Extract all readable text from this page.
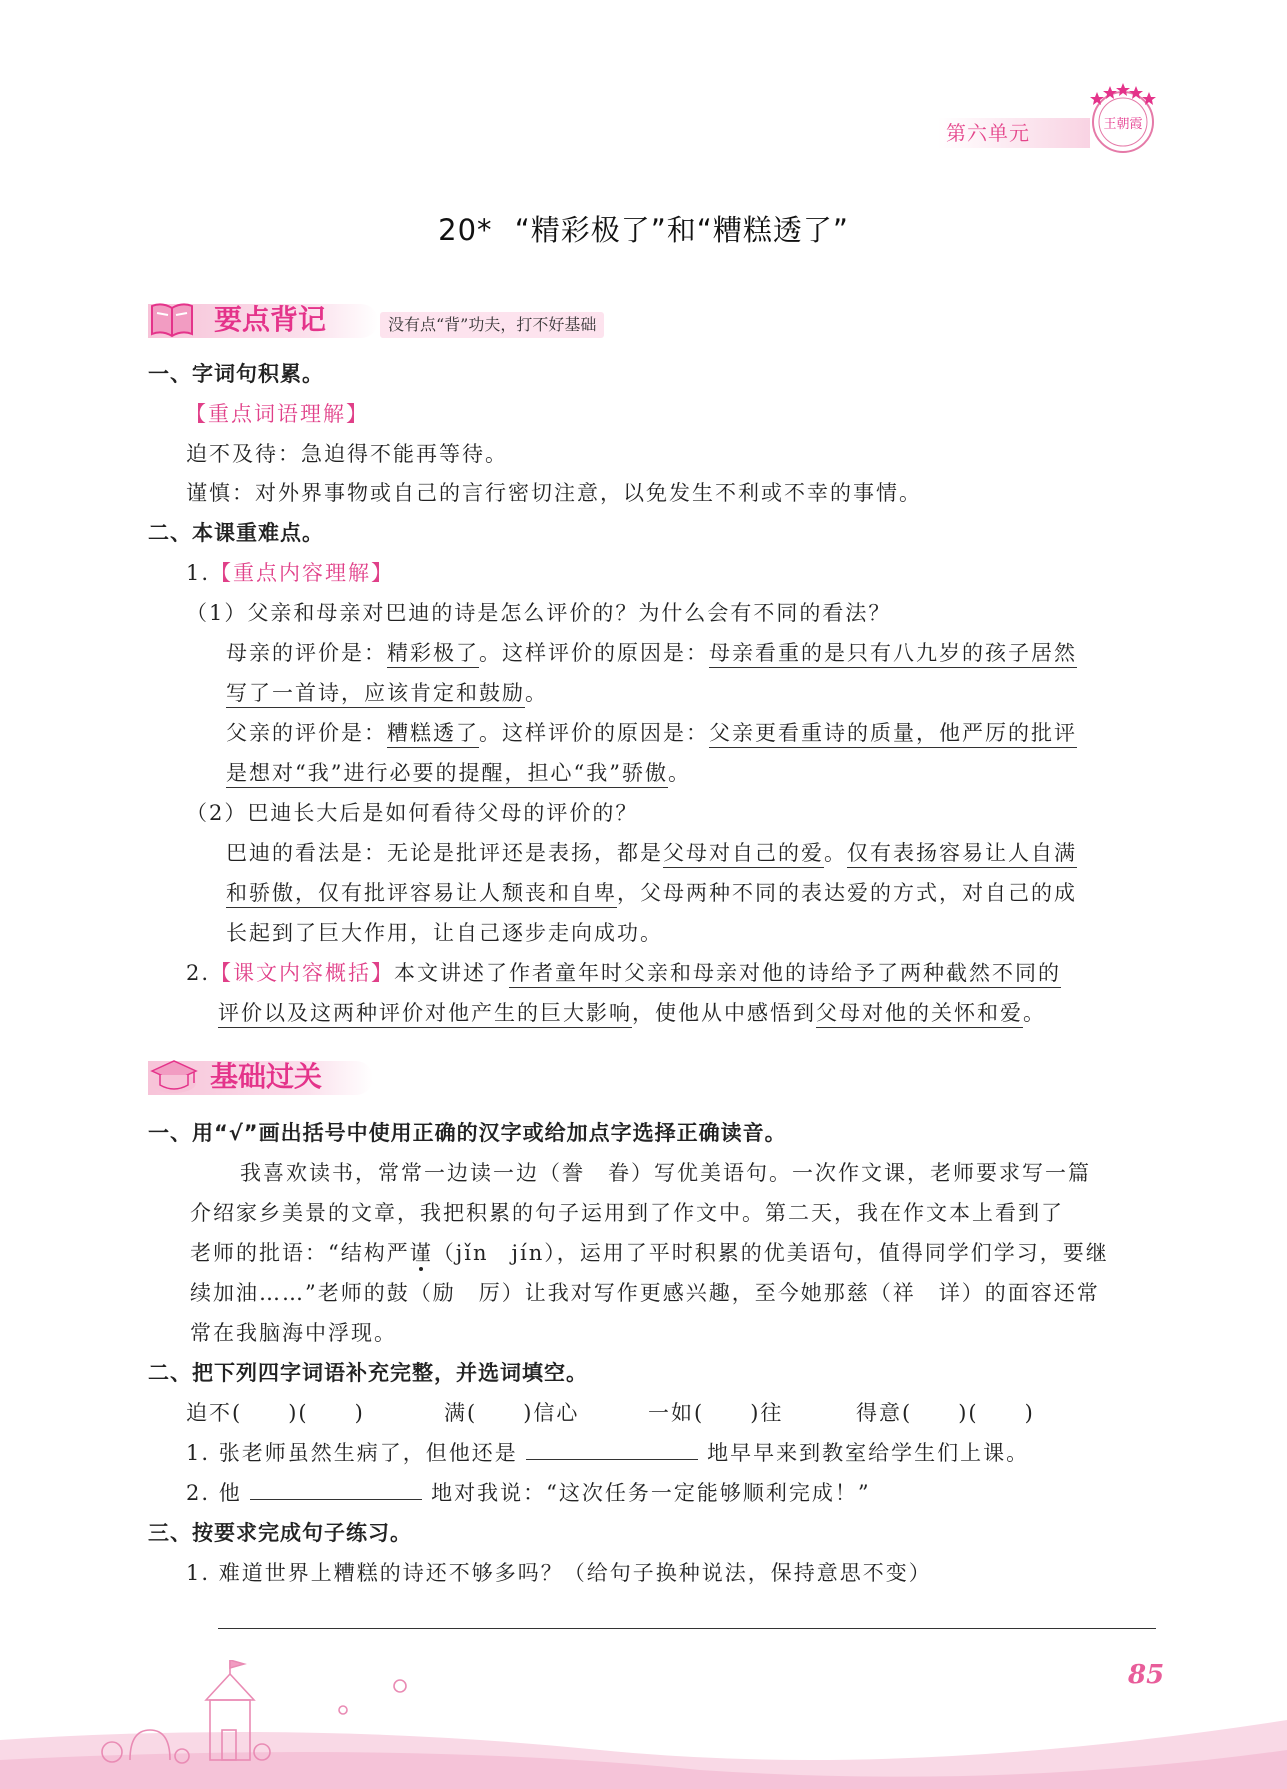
第六单元	王朝霞
20* “精彩极了”和“糟糕透了”
要点背记	没有点“背”功夫，打不好基础
一、字词句积累。
【重点词语理解】
迫不及待：急迫得不能再等待。
谨慎：对外界事物或自己的言行密切注意，以免发生不利或不幸的事情。
二、本课重难点。
1.【重点内容理解】
（1）父亲和母亲对巴迪的诗是怎么评价的？为什么会有不同的看法？
母亲的评价是：精彩极了。这样评价的原因是：母亲看重的是只有八九岁的孩子居然
写了一首诗，应该肯定和鼓励。
父亲的评价是：糟糕透了。这样评价的原因是：父亲更看重诗的质量，他严厉的批评
是想对“我”进行必要的提醒，担心“我”骄傲。
（2）巴迪长大后是如何看待父母的评价的？
巴迪的看法是：无论是批评还是表扬，都是父母对自己的爱。仅有表扬容易让人自满
和骄傲，仅有批评容易让人颓丧和自卑，父母两种不同的表达爱的方式，对自己的成
长起到了巨大作用，让自己逐步走向成功。
2.【课文内容概括】本文讲述了作者童年时父亲和母亲对他的诗给予了两种截然不同的
评价以及这两种评价对他产生的巨大影响，使他从中感悟到父母对他的关怀和爱。
基础过关
一、用“√”画出括号中使用正确的汉字或给加点字选择正确读音。
我喜欢读书，常常一边读一边（誊　眷）写优美语句。一次作文课，老师要求写一篇
介绍家乡美景的文章，我把积累的句子运用到了作文中。第二天，我在作文本上看到了
老师的批语：“结构严谨（jǐn　jín），运用了平时积累的优美语句，值得同学们学习，要继
续加油……”老师的鼓（励　厉）让我对写作更感兴趣，至今她那慈（祥　详）的面容还常
常在我脑海中浮现。
二、把下列四字词语补充完整，并选词填空。
迫不(　　)(　　)	满(　　)信心	一如(　　)往	得意(　　)(　　)
1. 张老师虽然生病了，但他还是	地早早来到教室给学生们上课。
2. 他	地对我说：“这次任务一定能够顺利完成！”
三、按要求完成句子练习。
1. 难道世界上糟糕的诗还不够多吗？（给句子换种说法，保持意思不变）
85
